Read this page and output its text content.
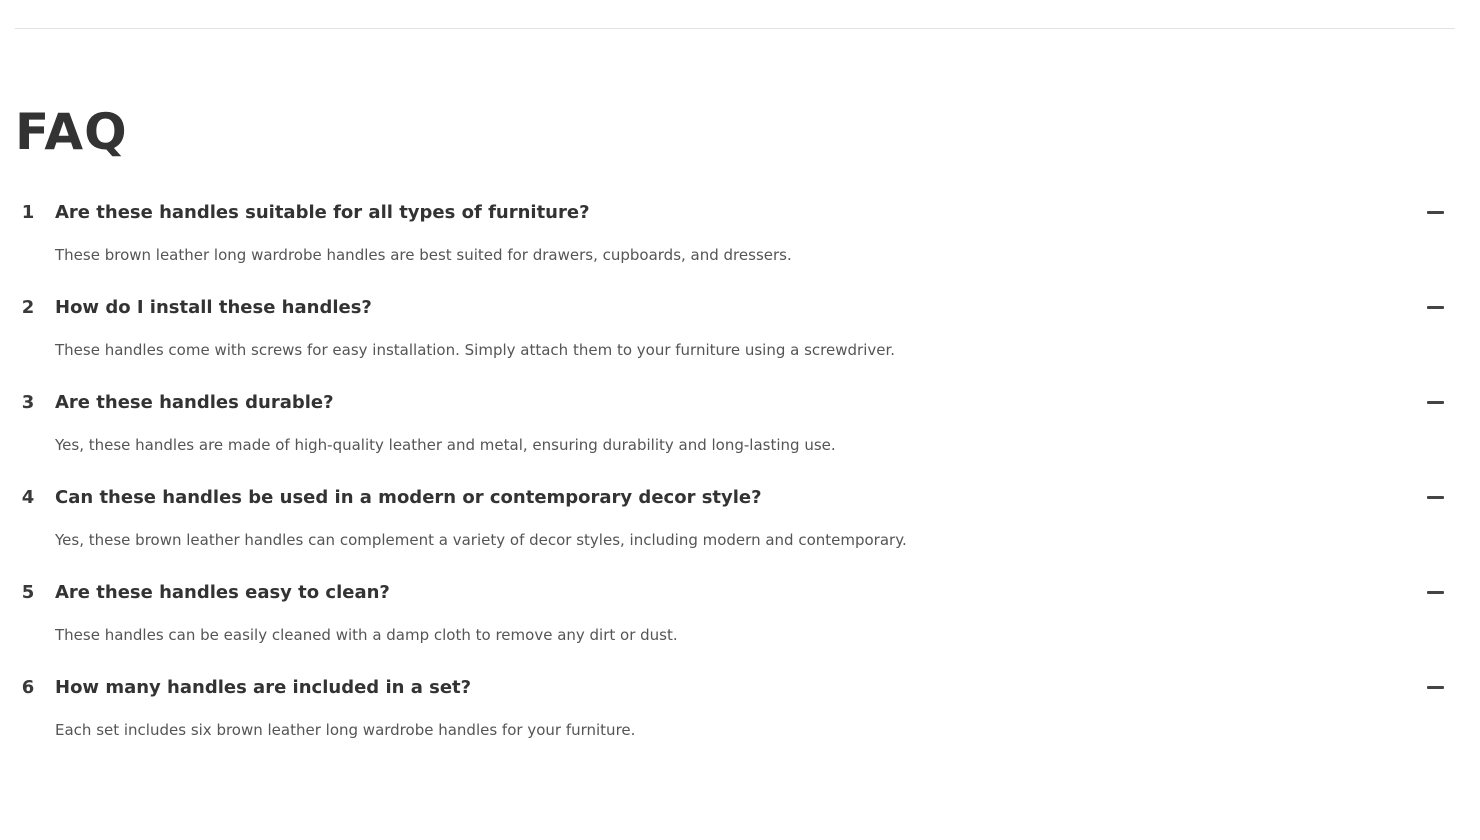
FAQ
1	Are these handles suitable for all types of furniture?
These brown leather long wardrobe handles are best suited for drawers, cupboards, and dressers.
2	How do I install these handles?
These handles come with screws for easy installation. Simply attach them to your furniture using a screwdriver.
3	Are these handles durable?
Yes, these handles are made of high-quality leather and metal, ensuring durability and long-lasting use.
4	Can these handles be used in a modern or contemporary decor style?
Yes, these brown leather handles can complement a variety of decor styles, including modern and contemporary.
5	Are these handles easy to clean?
These handles can be easily cleaned with a damp cloth to remove any dirt or dust.
6	How many handles are included in a set?
Each set includes six brown leather long wardrobe handles for your furniture.
